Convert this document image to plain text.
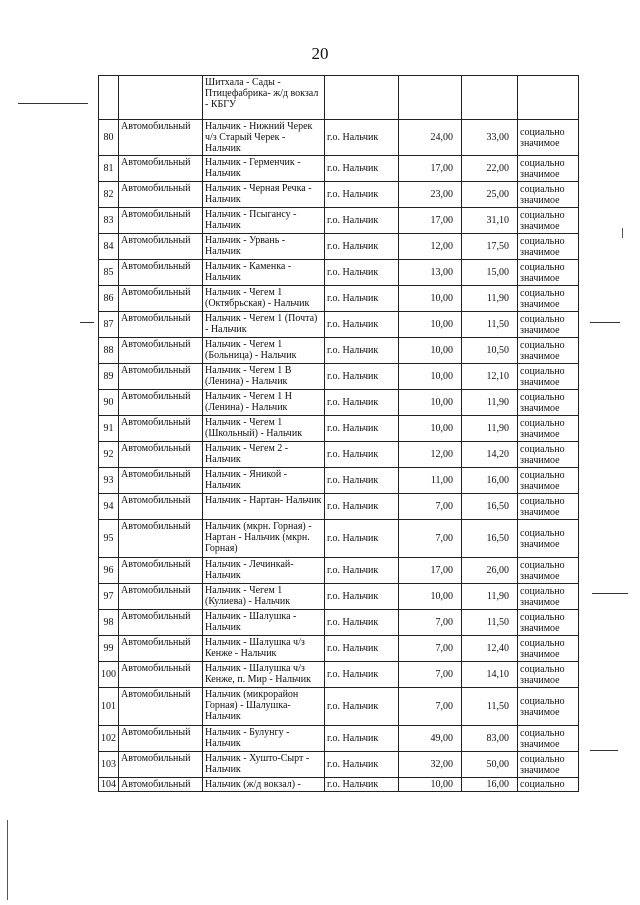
20
		Шитхала - Сады - Птицефабрика- ж/д вокзал - КБГУ				
80	Автомобильный	Нальчик - Нижний Черек ч/з Старый Черек - Нальчик	г.о. Нальчик	24,00	33,00	социально значимое
81	Автомобильный	Нальчик - Герменчик - Нальчик	г.о. Нальчик	17,00	22,00	социально значимое
82	Автомобильный	Нальчик - Черная Речка - Нальчик	г.о. Нальчик	23,00	25,00	социально значимое
83	Автомобильный	Нальчик - Псыгансу - Нальчик	г.о. Нальчик	17,00	31,10	социально значимое
84	Автомобильный	Нальчик - Урвань - Нальчик	г.о. Нальчик	12,00	17,50	социально значимое
85	Автомобильный	Нальчик - Каменка - Нальчик	г.о. Нальчик	13,00	15,00	социально значимое
86	Автомобильный	Нальчик - Чегем 1 (Октябрьская) - Нальчик	г.о. Нальчик	10,00	11,90	социально значимое
87	Автомобильный	Нальчик - Чегем 1 (Почта) - Нальчик	г.о. Нальчик	10,00	11,50	социально значимое
88	Автомобильный	Нальчик - Чегем 1 (Больница) - Нальчик	г.о. Нальчик	10,00	10,50	социально значимое
89	Автомобильный	Нальчик - Чегем 1 В (Ленина) - Нальчик	г.о. Нальчик	10,00	12,10	социально значимое
90	Автомобильный	Нальчик - Чегем 1 Н (Ленина) - Нальчик	г.о. Нальчик	10,00	11,90	социально значимое
91	Автомобильный	Нальчик - Чегем 1 (Школьный) - Нальчик	г.о. Нальчик	10,00	11,90	социально значимое
92	Автомобильный	Нальчик - Чегем 2 - Нальчик	г.о. Нальчик	12,00	14,20	социально значимое
93	Автомобильный	Нальчик - Яникой - Нальчик	г.о. Нальчик	11,00	16,00	социально значимое
94	Автомобильный	Нальчик - Нартан- Нальчик	г.о. Нальчик	7,00	16,50	социально значимое
95	Автомобильный	Нальчик (мкрн. Горная) - Нартан - Нальчик (мкрн. Горная)	г.о. Нальчик	7,00	16,50	социально значимое
96	Автомобильный	Нальчик - Лечинкай- Нальчик	г.о. Нальчик	17,00	26,00	социально значимое
97	Автомобильный	Нальчик - Чегем 1 (Кулиева) - Нальчик	г.о. Нальчик	10,00	11,90	социально значимое
98	Автомобильный	Нальчик - Шалушка - Нальчик	г.о. Нальчик	7,00	11,50	социально значимое
99	Автомобильный	Нальчик - Шалушка ч/з Кенже - Нальчик	г.о. Нальчик	7,00	12,40	социально значимое
100	Автомобильный	Нальчик - Шалушка ч/з Кенже, п. Мир - Нальчик	г.о. Нальчик	7,00	14,10	социально значимое
101	Автомобильный	Нальчик (микрорайон Горная) - Шалушка- Нальчик	г.о. Нальчик	7,00	11,50	социально значимое
102	Автомобильный	Нальчик - Булунгу - Нальчик	г.о. Нальчик	49,00	83,00	социально значимое
103	Автомобильный	Нальчик - Хушто-Сырт - Нальчик	г.о. Нальчик	32,00	50,00	социально значимое
104	Автомобильный	Нальчик (ж/д вокзал) -	г.о. Нальчик	10,00	16,00	социально
